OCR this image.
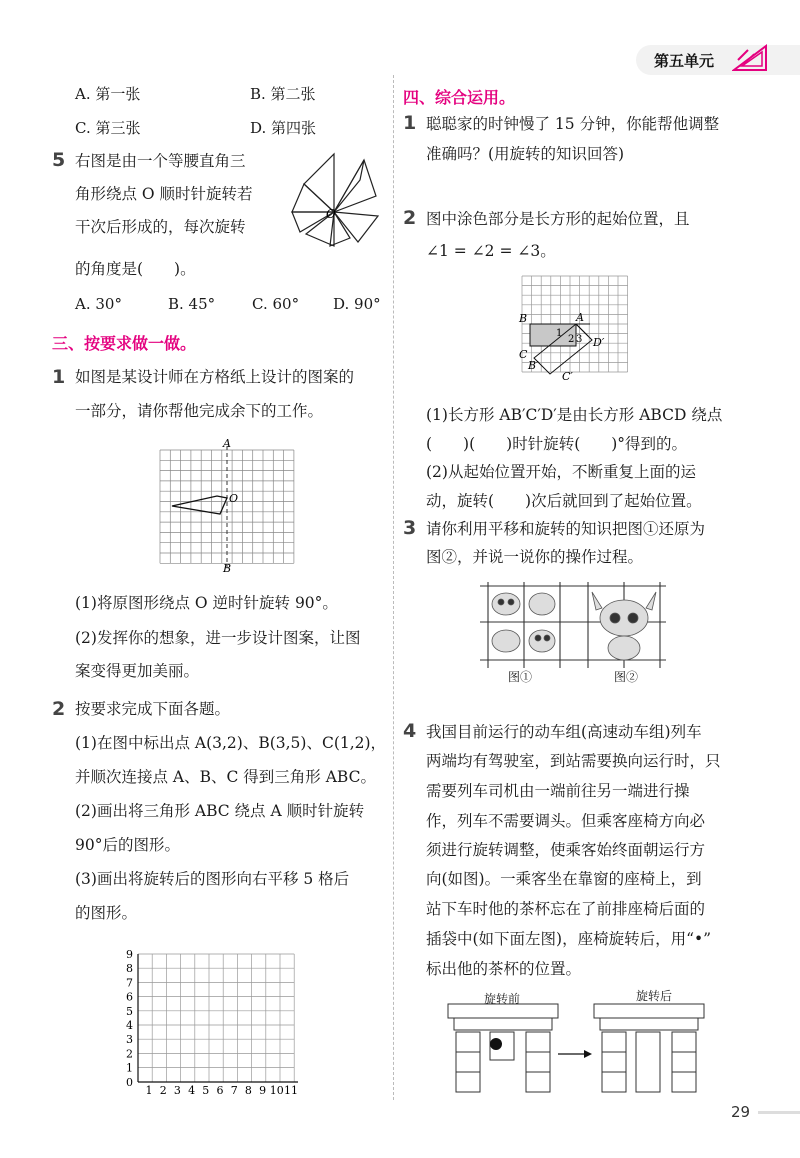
第五单元
A. 第一张	B. 第二张
C. 第三张	D. 第四张
5 右图是由一个等腰直角三
角形绕点 O 顺时针旋转若
干次后形成的，每次旋转
的角度是(　　)。
O
A. 30°	B. 45° C. 60° D. 90°
三、按要求做一做。
1 如图是某设计师在方格纸上设计的图案的
一部分，请你帮他完成余下的工作。
A
B
O
(1)将原图形绕点 O 逆时针旋转 90°。
(2)发挥你的想象，进一步设计图案，让图
案变得更加美丽。
2 按要求完成下面各题。
(1)在图中标出点 A(3,2)、B(3,5)、C(1,2)，
并顺次连接点 A、B、C 得到三角形 ABC。
(2)画出将三角形 ABC 绕点 A 顺时针旋转
90°后的图形。
(3)画出将旋转后的图形向右平移 5 格后
的图形。
9
8
7
6
5
4
3
2
1
1 2 3 4 5 6 7 8 9 10 11
0
四、综合运用。
1 聪聪家的时钟慢了 15 分钟，你能帮他调整
准确吗？(用旋转的知识回答)
2 图中涂色部分是长方形的起始位置，且
∠1 = ∠2 = ∠3。
B	A
C
D′
B′
C′
1
2 3
(1)长方形 AB′C′D′是由长方形 ABCD 绕点
(　　)(　　)时针旋转(　　)°得到的。
(2)从起始位置开始，不断重复上面的运
动，旋转(　　)次后就回到了起始位置。
3 请你利用平移和旋转的知识把图①还原为
图②，并说一说你的操作过程。
图①	图②
4 我国目前运行的动车组(高速动车组)列车
两端均有驾驶室，到站需要换向运行时，只
需要列车司机由一端前往另一端进行操
作，列车不需要调头。但乘客座椅方向必
须进行旋转调整，使乘客始终面朝运行方
向(如图)。一乘客坐在靠窗的座椅上，到
站下车时他的茶杯忘在了前排座椅后面的
插袋中(如下面左图)，座椅旋转后，用“•”
标出他的茶杯的位置。
旋转前	旋转后
29
